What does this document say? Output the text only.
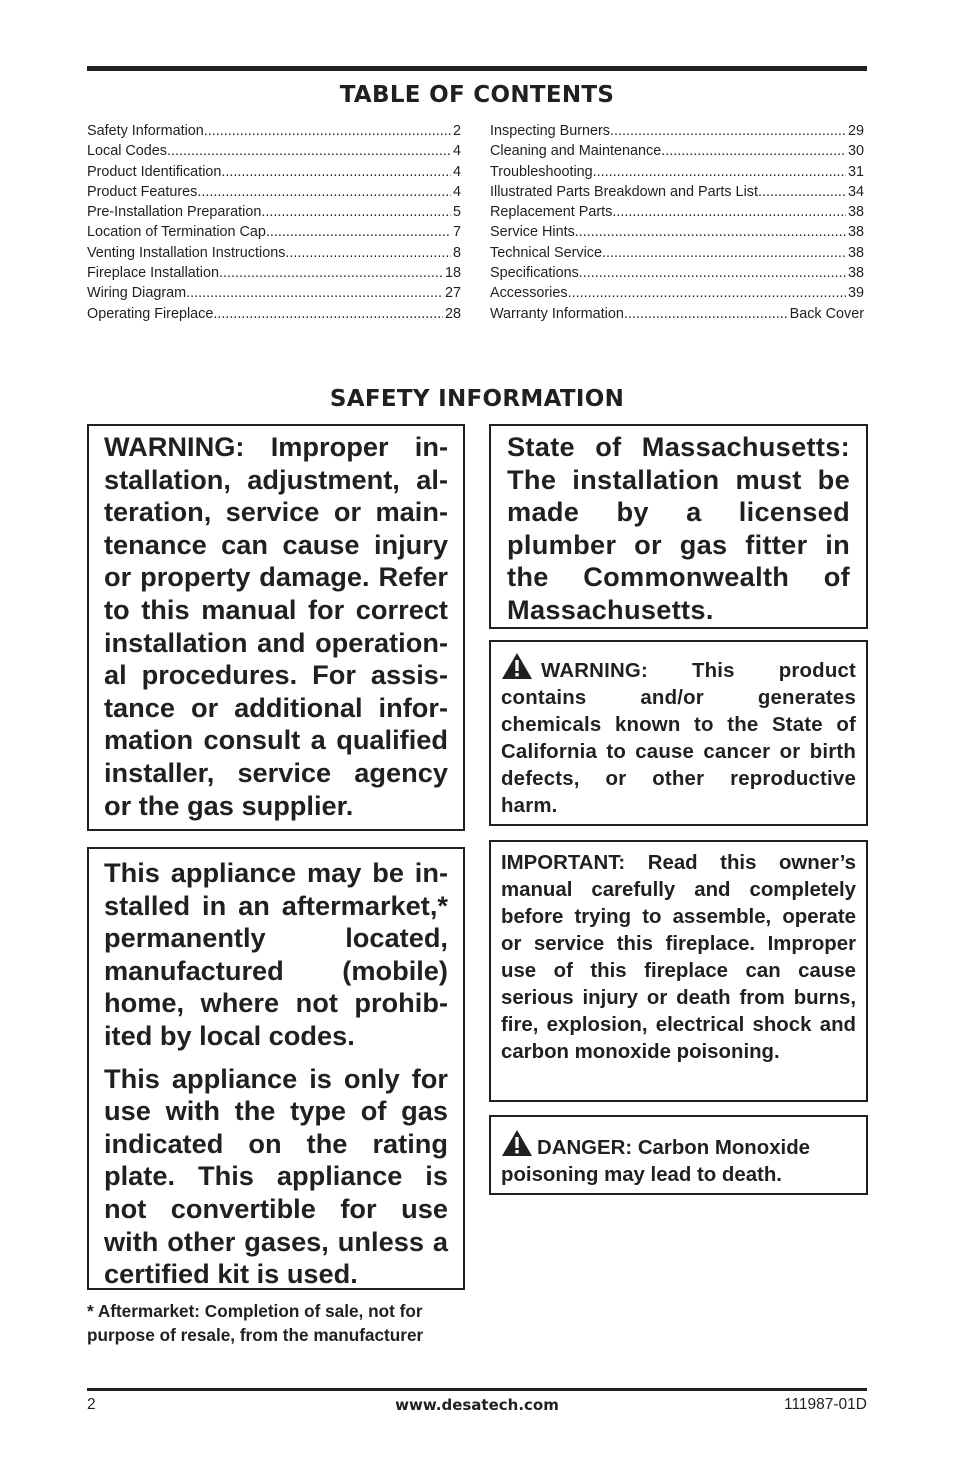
TABLE OF CONTENTS
Safety Information .....	2
Local Codes .....	4
Product Identification .....	4
Product Features .....	4
Pre-Installation Preparation .....	5
Location of Termination Cap .....	7
Venting Installation Instructions .....	8
Fireplace Installation .....	18
Wiring Diagram .....	27
Operating Fireplace .....	28
Inspecting Burners .....	29
Cleaning and Maintenance .....	30
Troubleshooting .....	31
Illustrated Parts Breakdown and Parts List .....	34
Replacement Parts .....	38
Service Hints .....	38
Technical Service .....	38
Specifications .....	38
Accessories .....	39
Warranty Information .....	Back Cover
SAFETY INFORMATION
WARNING: Improper installation, adjustment, alteration, service or maintenance can cause injury or property damage. Refer to this manual for correct installation and operational procedures. For assistance or additional information consult a qualified installer, service agency or the gas supplier.

This appliance may be installed in an aftermarket,* permanently located, manufactured (mobile) home, where not prohibited by local codes.

This appliance is only for use with the type of gas indicated on the rating plate. This appliance is not convertible for use with other gases, unless a certified kit is used.

* Aftermarket: Completion of sale, not for purpose of resale, from the manufacturer
State of Massachusetts: The installation must be made by a licensed plumber or gas fitter in the Commonwealth of Massachusetts.
WARNING: This product contains and/or generates chemicals known to the State of California to cause cancer or birth defects, or other reproductive harm.
IMPORTANT: Read this owner’s manual carefully and completely before trying to assemble, operate or service this fireplace. Improper use of this fireplace can cause serious injury or death from burns, fire, explosion, electrical shock and carbon monoxide poisoning.
DANGER: Carbon Monoxide poisoning may lead to death.
2	www.desatech.com	111987-01D
